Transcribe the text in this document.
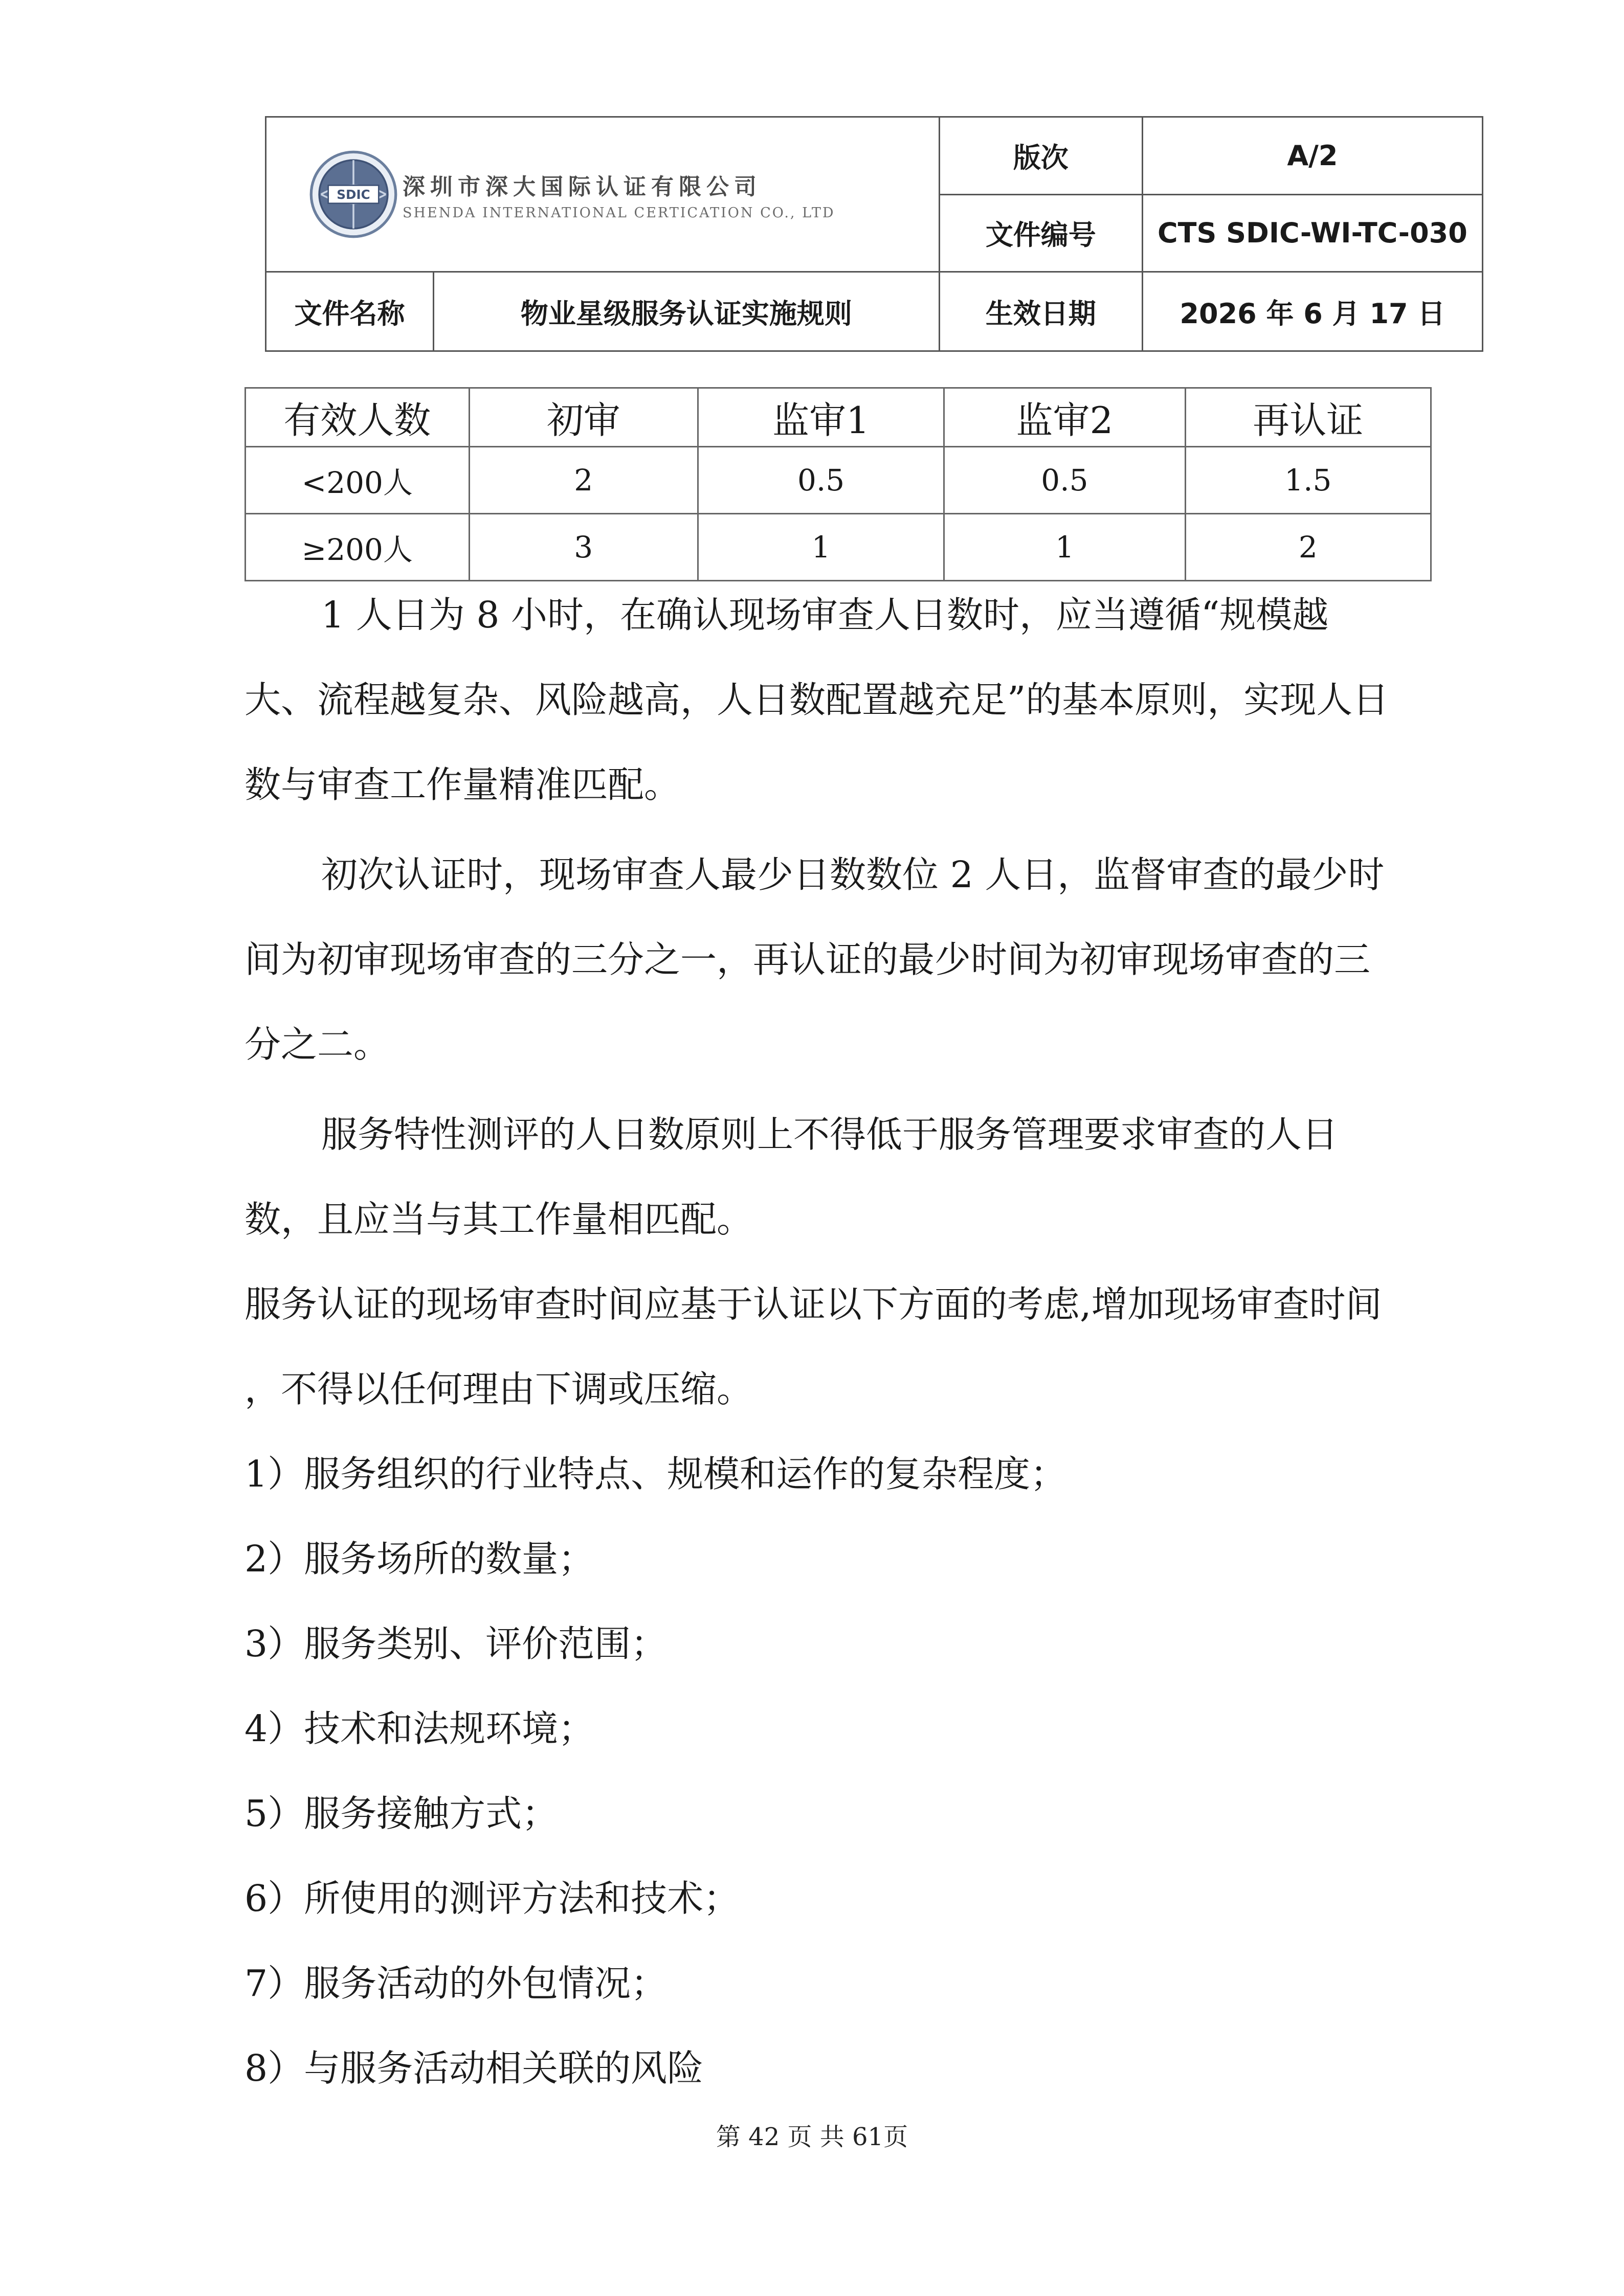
SDIC 深圳市深大国际认证有限公司
SHENDA INTERNATIONAL CERTICATION CO., LTD		版次	A/2
		文件编号	CTS SDIC-WI-TC-030
文件名称	物业星级服务认证实施规则	生效日期	2026 年 6 月 17 日
有效人数	初审	监审1	监审2	再认证
<200人	2	0.5	0.5	1.5
≥200人	3	1	1	2

1 人日为 8 小时，在确认现场审查人日数时，应当遵循“规模越大、流程越复杂、风险越高，人日数配置越充足”的基本原则，实现人日数与审查工作量精准匹配。

初次认证时，现场审查人最少日数数位 2 人日，监督审查的最少时间为初审现场审查的三分之一，再认证的最少时间为初审现场审查的三分之二。

服务特性测评的人日数原则上不得低于服务管理要求审查的人日数，且应当与其工作量相匹配。

服务认证的现场审查时间应基于认证以下方面的考虑,增加现场审查时间 ，不得以任何理由下调或压缩。

1）服务组织的行业特点、规模和运作的复杂程度；

2）服务场所的数量；

3）服务类别、评价范围；

4）技术和法规环境；

5）服务接触方式；

6）所使用的测评方法和技术；

7）服务活动的外包情况；

8）与服务活动相关联的风险

第 42 页 共 61页
